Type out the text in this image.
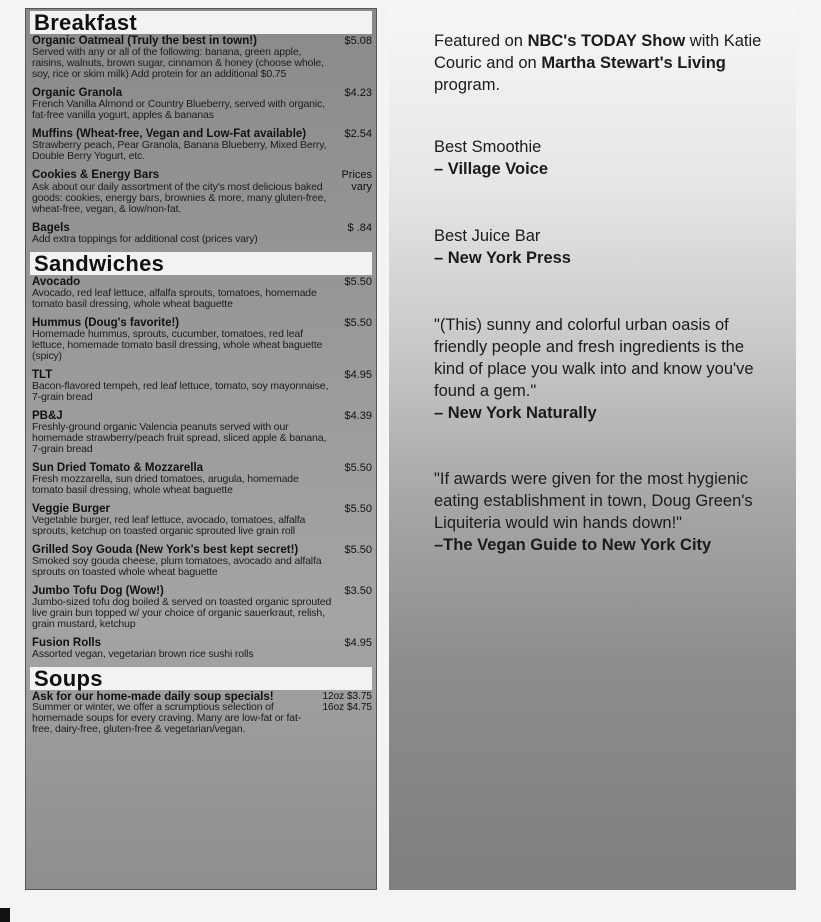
Breakfast
Organic Oatmeal (Truly the best in town!)	$5.08
Served with any or all of the following: banana, green apple, raisins, walnuts, brown sugar, cinnamon & honey (choose whole, soy, rice or skim milk) Add protein for an additional $0.75
Organic Granola	$4.23
French Vanilla Almond or Country Blueberry, served with organic, fat-free vanilla yogurt, apples & bananas
Muffins (Wheat-free, Vegan and Low-Fat available)	$2.54
Strawberry peach, Pear Granola, Banana Blueberry, Mixed Berry, Double Berry Yogurt, etc.
Cookies & Energy Bars	Prices vary
Ask about our daily assortment of the city's most delicious baked goods: cookies, energy bars, brownies & more, many gluten-free, wheat-free, vegan, & low/non-fat.
Bagels	$ .84
Add extra toppings for additional cost (prices vary)
Sandwiches
Avocado	$5.50
Avocado, red leaf lettuce, alfalfa sprouts, tomatoes, homemade tomato basil dressing, whole wheat baguette
Hummus (Doug's favorite!)	$5.50
Homemade hummus, sprouts, cucumber, tomatoes, red leaf lettuce, homemade tomato basil dressing, whole wheat baguette (spicy)
TLT	$4.95
Bacon-flavored tempeh, red leaf lettuce, tomato, soy mayonnaise, 7-grain bread
PB&J	$4.39
Freshly-ground organic Valencia peanuts served with our homemade strawberry/peach fruit spread, sliced apple & banana, 7-grain bread
Sun Dried Tomato & Mozzarella	$5.50
Fresh mozzarella, sun dried tomatoes, arugula, homemade tomato basil dressing, whole wheat baguette
Veggie Burger	$5.50
Vegetable burger, red leaf lettuce, avocado, tomatoes, alfalfa sprouts, ketchup on toasted organic sprouted live grain roll
Grilled Soy Gouda (New York's best kept secret!)	$5.50
Smoked soy gouda cheese, plum tomatoes, avocado and alfalfa sprouts on toasted whole wheat baguette
Jumbo Tofu Dog (Wow!)	$3.50
Jumbo-sized tofu dog boiled & served on toasted organic sprouted live grain bun topped w/ your choice of organic sauerkraut, relish, grain mustard, ketchup
Fusion Rolls	$4.95
Assorted vegan, vegetarian brown rice sushi rolls
Soups
Ask for our home-made daily soup specials!	12oz $3.75
16oz $4.75
Summer or winter, we offer a scrumptious selection of homemade soups for every craving. Many are low-fat or fat-free, dairy-free, gluten-free & vegetarian/vegan.
Featured on NBC's TODAY Show with Katie Couric and on Martha Stewart's Living program.
Best Smoothie
– Village Voice
Best Juice Bar
– New York Press
"(This) sunny and colorful urban oasis of friendly people and fresh ingredients is the kind of place you walk into and know you've found a gem."
– New York Naturally
"If awards were given for the most hygienic eating establishment in town, Doug Green's Liquiteria would win hands down!"
–The Vegan Guide to New York City
